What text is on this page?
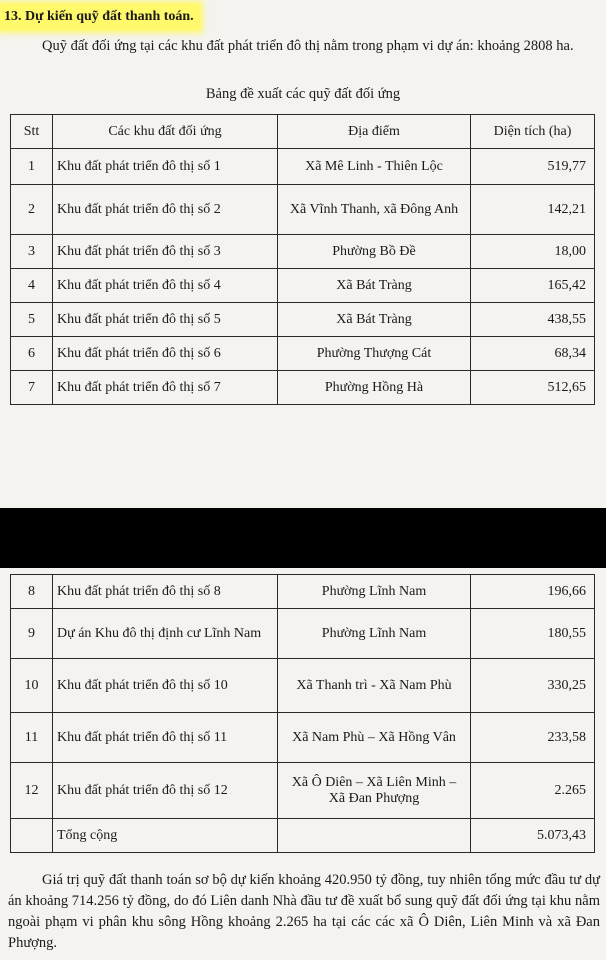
13. Dự kiến quỹ đất thanh toán.
Quỹ đất đối ứng tại các khu đất phát triển đô thị nằm trong phạm vi dự án: khoảng 2808 ha.
Bảng đề xuất các quỹ đất đối ứng
Stt	Các khu đất đối ứng	Địa điểm	Diện tích (ha)
1	Khu đất phát triển đô thị số 1	Xã Mê Linh - Thiên Lộc	519,77
2	Khu đất phát triển đô thị số 2	Xã Vĩnh Thanh, xã Đông Anh	142,21
3	Khu đất phát triển đô thị số 3	Phường Bồ Đề	18,00
4	Khu đất phát triển đô thị số 4	Xã Bát Tràng	165,42
5	Khu đất phát triển đô thị số 5	Xã Bát Tràng	438,55
6	Khu đất phát triển đô thị số 6	Phường Thượng Cát	68,34
7	Khu đất phát triển đô thị số 7	Phường Hồng Hà	512,65
8	Khu đất phát triển đô thị số 8	Phường Lĩnh Nam	196,66
9	Dự án Khu đô thị định cư Lĩnh Nam	Phường Lĩnh Nam	180,55
10	Khu đất phát triển đô thị số 10	Xã Thanh trì - Xã Nam Phù	330,25
11	Khu đất phát triển đô thị số 11	Xã Nam Phù – Xã Hồng Vân	233,58
12	Khu đất phát triển đô thị số 12	Xã Ô Diên – Xã Liên Minh – Xã Đan Phượng	2.265
	Tổng cộng		5.073,43
Giá trị quỹ đất thanh toán sơ bộ dự kiến khoảng 420.950 tỷ đồng, tuy nhiên tổng mức đầu tư dự án khoảng 714.256 tỷ đồng, do đó Liên danh Nhà đầu tư đề xuất bổ sung quỹ đất đối ứng tại khu nằm ngoài phạm vi phân khu sông Hồng khoảng 2.265 ha tại các các xã Ô Diên, Liên Minh và xã Đan Phượng.
